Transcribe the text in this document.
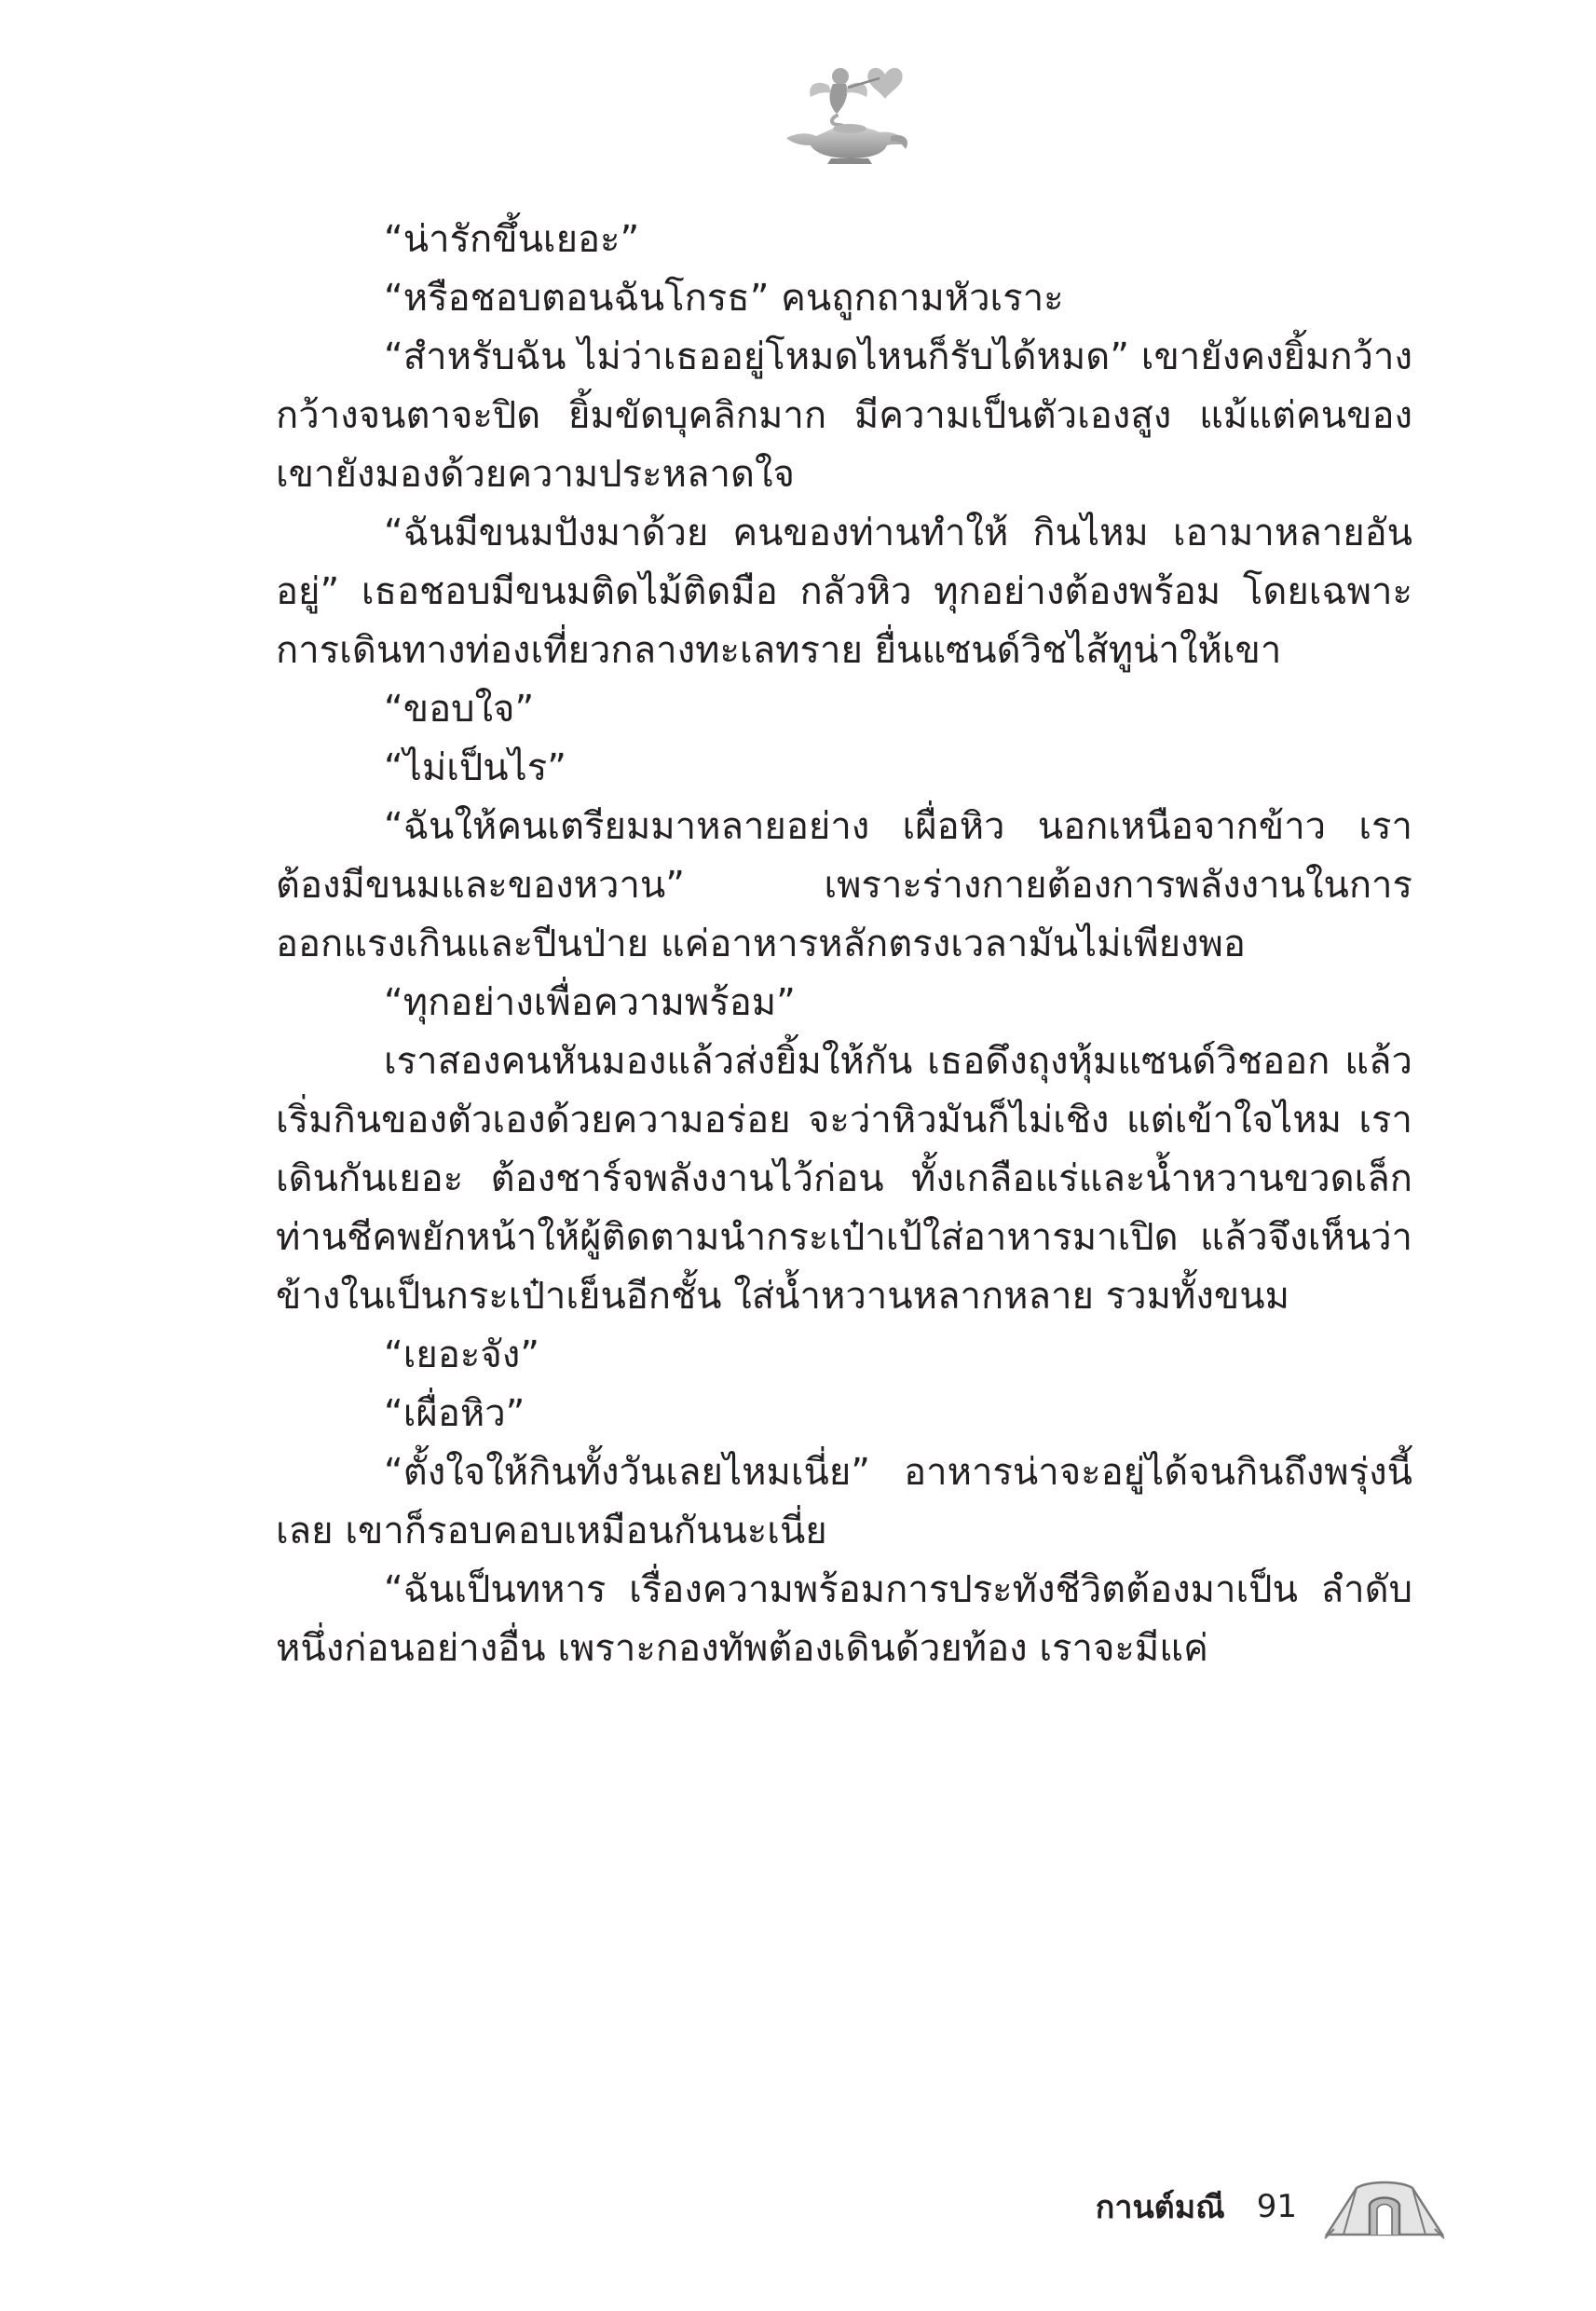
“น่ารักขึ้นเยอะ”

“หรือชอบตอนฉันโกรธ” คนถูกถามหัวเราะ

“สำหรับฉัน ไม่ว่าเธออยู่โหมดไหนก็รับได้หมด” เขายังคงยิ้มกว้าง กว้างจนตาจะปิด ยิ้มขัดบุคลิกมาก มีความเป็นตัวเองสูง แม้แต่คนของเขายังมองด้วยความประหลาดใจ

“ฉันมีขนมปังมาด้วย คนของท่านทำให้ กินไหม เอามาหลายอันอยู่” เธอชอบมีขนมติดไม้ติดมือ กลัวหิว ทุกอย่างต้องพร้อม โดยเฉพาะการเดินทางท่องเที่ยวกลางทะเลทราย ยื่นแซนด์วิชไส้ทูน่าให้เขา

“ขอบใจ”

“ไม่เป็นไร”

“ฉันให้คนเตรียมมาหลายอย่าง เผื่อหิว นอกเหนือจากข้าว เราต้องมีขนมและของหวาน” เพราะร่างกายต้องการพลังงานในการออกแรงเกินและปีนป่าย แค่อาหารหลักตรงเวลามันไม่เพียงพอ

“ทุกอย่างเพื่อความพร้อม”

เราสองคนหันมองแล้วส่งยิ้มให้กัน เธอดึงถุงหุ้มแซนด์วิชออก แล้วเริ่มกินของตัวเองด้วยความอร่อย จะว่าหิวมันก็ไม่เชิง แต่เข้าใจไหม เราเดินกันเยอะ ต้องชาร์จพลังงานไว้ก่อน ทั้งเกลือแร่และน้ำหวานขวดเล็ก ท่านชีคพยักหน้าให้ผู้ติดตามนำกระเป๋าเป้ใส่อาหารมาเปิด แล้วจึงเห็นว่าข้างในเป็นกระเป๋าเย็นอีกชั้น ใส่น้ำหวานหลากหลาย รวมทั้งขนม

“เยอะจัง”

“เผื่อหิว”

“ตั้งใจให้กินทั้งวันเลยไหมเนี่ย” อาหารน่าจะอยู่ได้จนกินถึงพรุ่งนี้ เลย เขาก็รอบคอบเหมือนกันนะเนี่ย

“ฉันเป็นทหาร เรื่องความพร้อมการประทังชีวิตต้องมาเป็น ลำดับหนึ่งก่อนอย่างอื่น เพราะกองทัพต้องเดินด้วยท้อง เราจะมีแค่

กานต์มณี 91
